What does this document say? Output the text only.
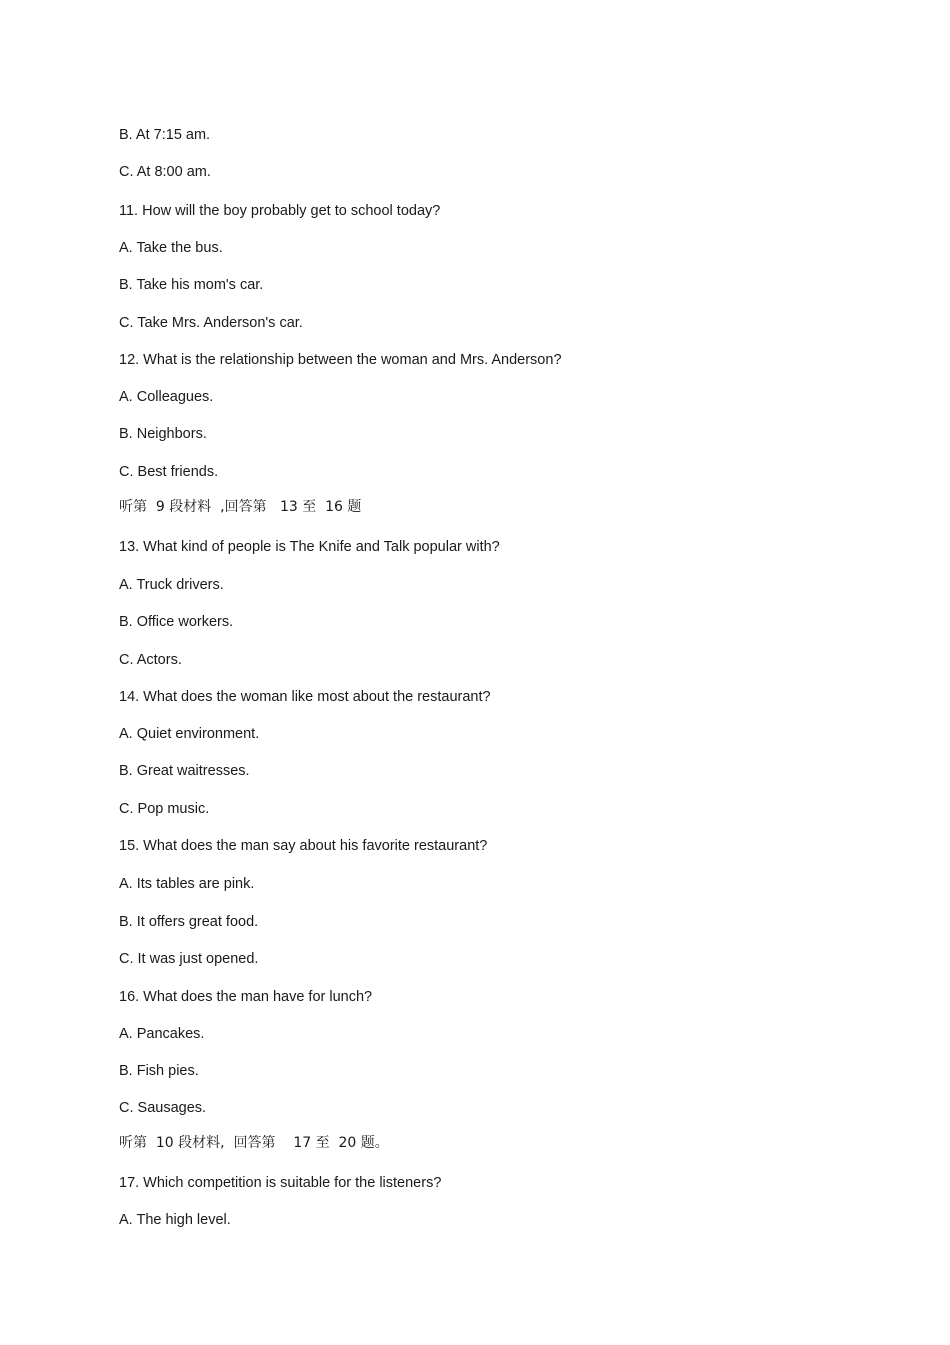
B. At 7:15 am.
C. At 8:00 am.
11. How will the boy probably get to school today?
A. Take the bus.
B. Take his mom's car.
C. Take Mrs. Anderson's car.
12. What is the relationship between the woman and Mrs. Anderson?
A. Colleagues.
B. Neighbors.
C. Best friends.
听第  9 段材料  ,回答第   13 至  16 题
13. What kind of people is The Knife and Talk popular with?
A. Truck drivers.
B. Office workers.
C. Actors.
14. What does the woman like most about the restaurant?
A. Quiet environment.
B. Great waitresses.
C. Pop music.
15. What does the man say about his favorite restaurant?
A. Its tables are pink.
B. It offers great food.
C. It was just opened.
16. What does the man have for lunch?
A. Pancakes.
B. Fish pies.
C. Sausages.
听第  10 段材料,  回答第    17 至  20 题。
17. Which competition is suitable for the listeners?
A. The high level.
